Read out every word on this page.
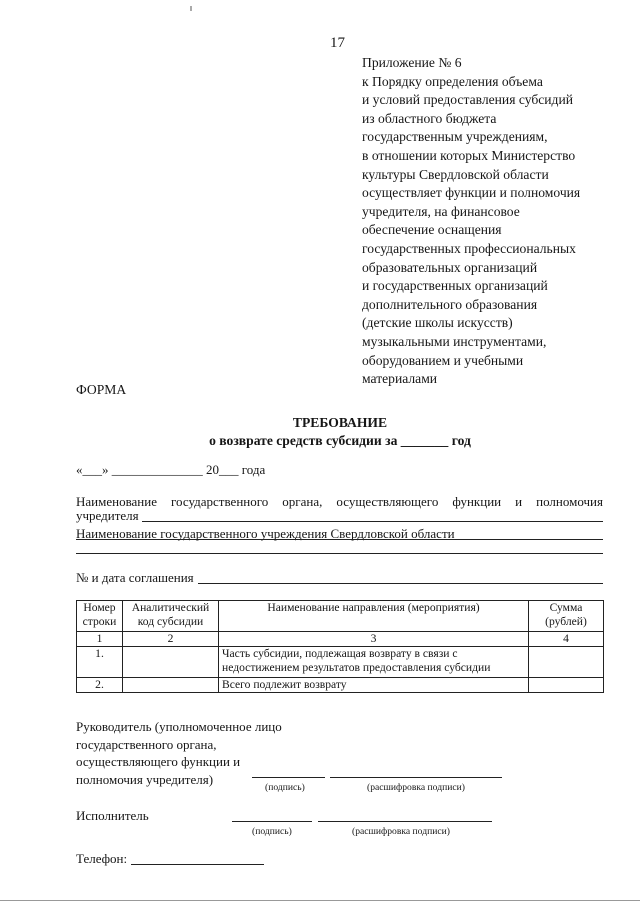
17
Приложение № 6
к Порядку определения объема
и условий предоставления субсидий
из областного бюджета
государственным учреждениям,
в отношении которых Министерство
культуры Свердловской области
осуществляет функции и полномочия
учредителя, на финансовое
обеспечение оснащения
государственных профессиональных
образовательных организаций
и государственных организаций
дополнительного образования
(детские школы искусств)
музыкальными инструментами,
оборудованием и учебными
материалами
ФОРМА
ТРЕБОВАНИЕ
о возврате средств субсидии за _______ год
«___» ______________ 20___ года
Наименование государственного органа, осуществляющего функции и полномочия
учредителя
Наименование государственного учреждения Свердловской области
№ и дата соглашения
Номер строки	Аналитический код субсидии	Наименование направления (мероприятия)	Сумма (рублей)
1	2	3	4
1.		Часть субсидии, подлежащая возврату в связи с недостижением результатов предоставления субсидии	
2.		Всего подлежит возврату	
Руководитель (уполномоченное лицо
государственного органа,
осуществляющего функции и
полномочия учредителя)
(подпись)	(расшифровка подписи)
Исполнитель
(подпись)	(расшифровка подписи)
Телефон:
